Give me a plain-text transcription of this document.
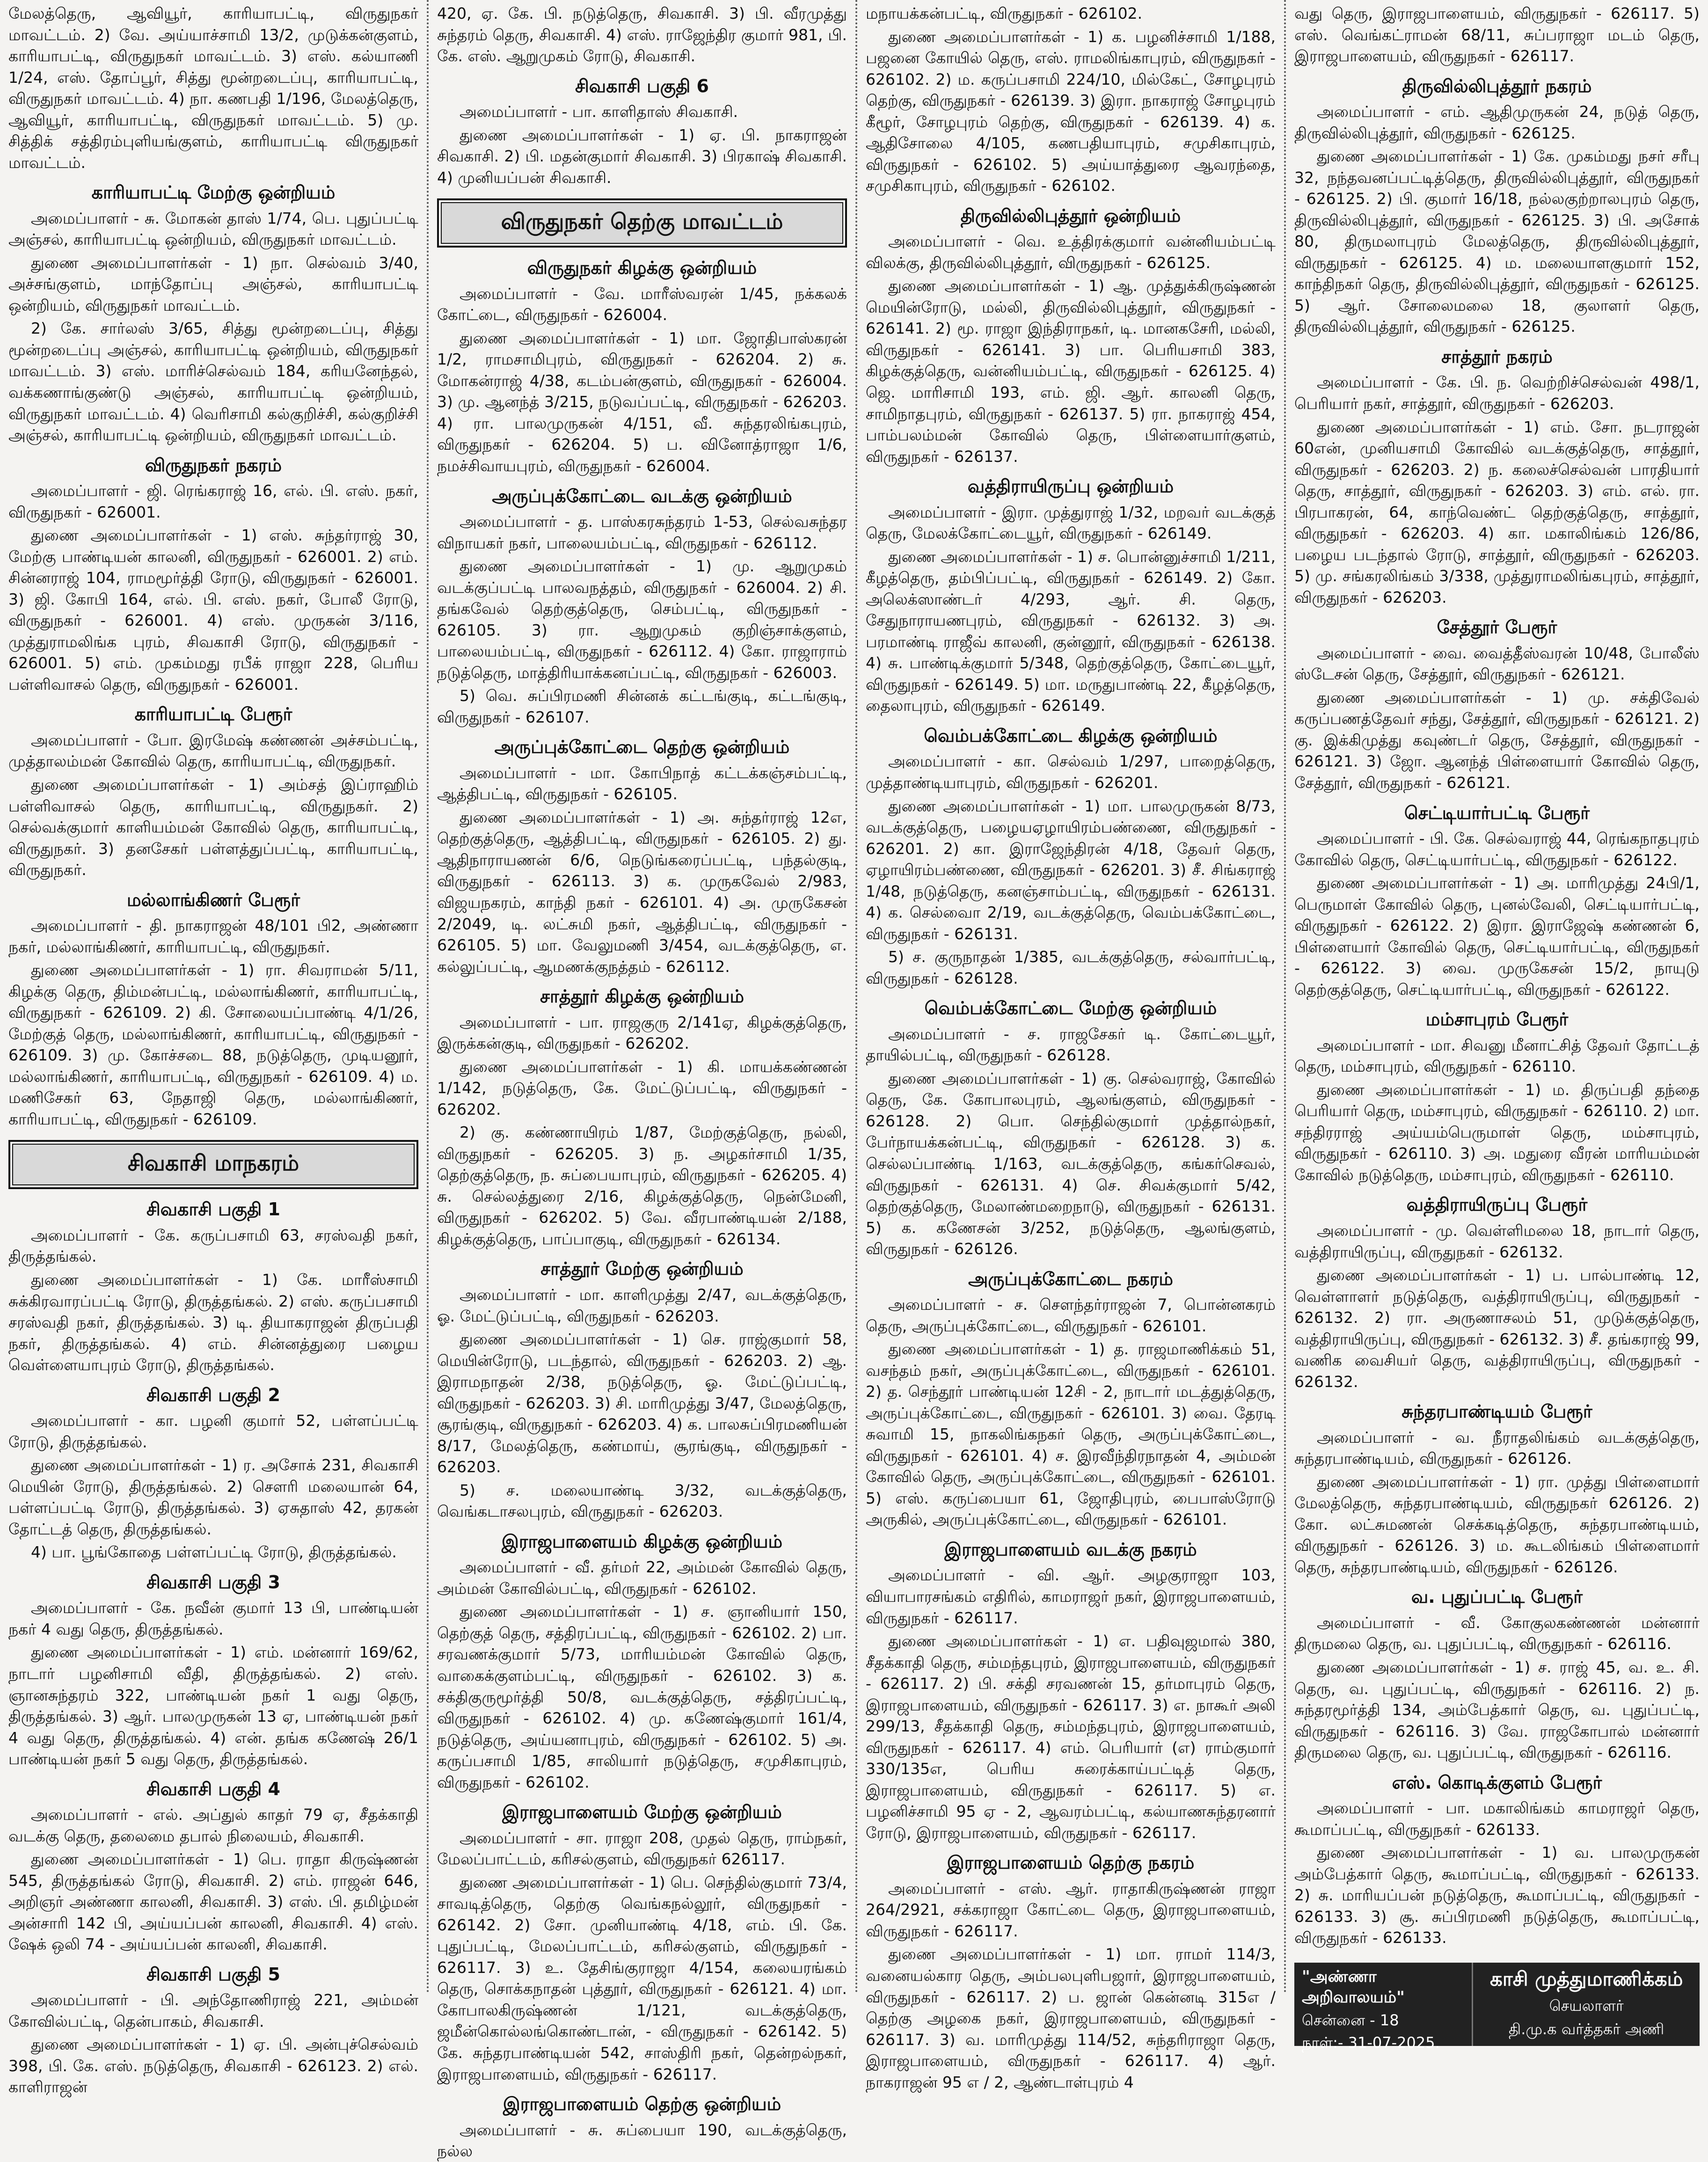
மேலத்தெரு, ஆவியூர், காரியாபட்டி, விருதுநகர் மாவட்டம். 2) வே. அய்யாச்சாமி 13/2, முடுக்கன்குளம், காரியாபட்டி, விருதுநகர் மாவட்டம். 3) எஸ். கல்யாணி 1/24, எஸ். தோப்பூர், சித்து மூன்றடைப்பு, காரியாபட்டி, விருதுநகர் மாவட்டம். 4) நா. கணபதி 1/196, மேலத்தெரு, ஆவியூர், காரியாபட்டி, விருதுநகர் மாவட்டம். 5) மு. சித்திக் சத்திரம்புளியங்குளம், காரியாபட்டி விருதுநகர் மாவட்டம்.
காரியாபட்டி மேற்கு ஒன்றியம்
அமைப்பாளர் - சு. மோகன் தாஸ் 1/74, பெ. புதுப்பட்டி அஞ்சல், காரியாபட்டி ஒன்றியம், விருதுநகர் மாவட்டம்.
துணை அமைப்பாளர்கள் - 1) நா. செல்வம் 3/40, அச்சங்குளம், மாந்தோப்பு அஞ்சல், காரியாபட்டி ஒன்றியம், விருதுநகர் மாவட்டம்.
2) கே. சார்லஸ் 3/65, சித்து மூன்றடைப்பு, சித்து மூன்றடைப்பு அஞ்சல், காரியாபட்டி ஒன்றியம், விருதுநகர் மாவட்டம். 3) எஸ். மாரிச்செல்வம் 184, கரியனேந்தல், வக்கணாங்குண்டு அஞ்சல், காரியாபட்டி ஒன்றியம், விருதுநகர் மாவட்டம். 4) வெரிசாமி கல்குறிச்சி, கல்குறிச்சி அஞ்சல், காரியாபட்டி ஒன்றியம், விருதுநகர் மாவட்டம்.
விருதுநகர் நகரம்
அமைப்பாளர் - ஜி. ரெங்கராஜ் 16, எல். பி. எஸ். நகர், விருதுநகர் - 626001.
துணை அமைப்பாளர்கள் - 1) எஸ். சுந்தர்ராஜ் 30, மேற்கு பாண்டியன் காலனி, விருதுநகர் - 626001. 2) எம். சின்னராஜ் 104, ராமமூர்த்தி ரோடு, விருதுநகர் - 626001. 3) ஜி. கோபி 164, எல். பி. எஸ். நகர், போலீ ரோடு, விருதுநகர் - 626001. 4) எஸ். முருகன் 3/116, முத்துராமலிங்க புரம், சிவகாசி ரோடு, விருதுநகர் - 626001. 5) எம். முகம்மது ரபீக் ராஜா 228, பெரிய பள்ளிவாசல் தெரு, விருதுநகர் - 626001.
காரியாபட்டி பேரூர்
அமைப்பாளர் - போ. இரமேஷ் கண்ணன் அச்சம்பட்டி, முத்தாலம்மன் கோவில் தெரு, காரியாபட்டி, விருதுநகர்.
துணை அமைப்பாளர்கள் - 1) அம்சத் இப்ராஹிம் பள்ளிவாசல் தெரு, காரியாபட்டி, விருதுநகர். 2) செல்வக்குமார் காளியம்மன் கோவில் தெரு, காரியாபட்டி, விருதுநகர். 3) தனசேகர் பள்ளத்துப்பட்டி, காரியாபட்டி, விருதுநகர்.
மல்லாங்கிணர் பேரூர்
அமைப்பாளர் - தி. நாகராஜன் 48/101 பி2, அண்ணா நகர், மல்லாங்கிணர், காரியாபட்டி, விருதுநகர்.
துணை அமைப்பாளர்கள் - 1) ரா. சிவராமன் 5/11, கிழக்கு தெரு, திம்மன்பட்டி, மல்லாங்கிணர், காரியாபட்டி, விருதுநகர் - 626109. 2) கி. சோலையப்பாண்டி 4/1/26, மேற்குத் தெரு, மல்லாங்கிணர், காரியாபட்டி, விருதுநகர் - 626109. 3) மு. கோச்சடை 88, நடுத்தெரு, முடியனூர், மல்லாங்கிணர், காரியாபட்டி, விருதுநகர் - 626109. 4) ம. மணிசேகர் 63, நேதாஜி தெரு, மல்லாங்கிணர், காரியாபட்டி, விருதுநகர் - 626109.
சிவகாசி மாநகரம்
சிவகாசி பகுதி 1
அமைப்பாளர் - கே. கருப்பசாமி 63, சரஸ்வதி நகர், திருத்தங்கல்.
துணை அமைப்பாளர்கள் - 1) கே. மாரீஸ்சாமி சுக்கிரவாரப்பட்டி ரோடு, திருத்தங்கல். 2) எஸ். கருப்பசாமி சரஸ்வதி நகர், திருத்தங்கல். 3) டி. தியாகராஜன் திருப்பதி நகர், திருத்தங்கல். 4) எம். சின்னத்துரை பழைய வெள்ளையாபுரம் ரோடு, திருத்தங்கல்.
சிவகாசி பகுதி 2
அமைப்பாளர் - கா. பழனி குமார் 52, பள்ளப்பட்டி ரோடு, திருத்தங்கல்.
துணை அமைப்பாளர்கள் - 1) ர. அசோக் 231, சிவகாசி மெயின் ரோடு, திருத்தங்கல். 2) சௌரி மலையான் 64, பள்ளப்பட்டி ரோடு, திருத்தங்கல். 3) ஏசுதாஸ் 42, தரகன் தோட்டத் தெரு, திருத்தங்கல்.
4) பா. பூங்கோதை பள்ளப்பட்டி ரோடு, திருத்தங்கல்.
சிவகாசி பகுதி 3
அமைப்பாளர் - கே. நவீன் குமார் 13 பி, பாண்டியன் நகர் 4 வது தெரு, திருத்தங்கல்.
துணை அமைப்பாளர்கள் - 1) எம். மன்னார் 169/62, நாடார் பழனிசாமி வீதி, திருத்தங்கல். 2) எஸ். ஞானசுந்தரம் 322, பாண்டியன் நகர் 1 வது தெரு, திருத்தங்கல். 3) ஆர். பாலமுருகன் 13 ஏ, பாண்டியன் நகர் 4 வது தெரு, திருத்தங்கல். 4) என். தங்க கணேஷ் 26/1 பாண்டியன் நகர் 5 வது தெரு, திருத்தங்கல்.
சிவகாசி பகுதி 4
அமைப்பாளர் - எல். அப்துல் காதர் 79 ஏ, சீதக்காதி வடக்கு தெரு, தலைமை தபால் நிலையம், சிவகாசி.
துணை அமைப்பாளர்கள் - 1) பெ. ராதா கிருஷ்ணன் 545, திருத்தங்கல் ரோடு, சிவகாசி. 2) எம். ராஜன் 646, அறிஞர் அண்ணா காலனி, சிவகாசி. 3) எஸ். பி. தமிழ்மன் அன்சாரி 142 பி, அய்யப்பன் காலனி, சிவகாசி. 4) எஸ். ஷேக் ஒலி 74 - அய்யப்பன் காலனி, சிவகாசி.
சிவகாசி பகுதி 5
அமைப்பாளர் - பி. அந்தோணிராஜ் 221, அம்மன் கோவில்பட்டி, தென்பாகம், சிவகாசி.
துணை அமைப்பாளர்கள் - 1) ஏ. பி. அன்புச்செல்வம் 398, பி. கே. எஸ். நடுத்தெரு, சிவகாசி - 626123. 2) எல். காளிராஜன்
420, ஏ. கே. பி. நடுத்தெரு, சிவகாசி. 3) பி. வீரமுத்து சுந்தரம் தெரு, சிவகாசி. 4) எஸ். ராஜேந்திர குமார் 981, பி. கே. எஸ். ஆறுமுகம் ரோடு, சிவகாசி.
சிவகாசி பகுதி 6
அமைப்பாளர் - பா. காளிதாஸ் சிவகாசி.
துணை அமைப்பாளர்கள் - 1) ஏ. பி. நாகராஜன் சிவகாசி. 2) பி. மதன்குமார் சிவகாசி. 3) பிரகாஷ் சிவகாசி. 4) முனியப்பன் சிவகாசி.
விருதுநகர் தெற்கு மாவட்டம்
விருதுநகர் கிழக்கு ஒன்றியம்
அமைப்பாளர் - வே. மாரீஸ்வரன் 1/45, நக்கலக் கோட்டை, விருதுநகர் - 626004.
துணை அமைப்பாளர்கள் - 1) மா. ஜோதிபாஸ்கரன் 1/2, ராமசாமிபுரம், விருதுநகர் - 626204. 2) சு. மோகன்ராஜ் 4/38, கடம்பன்குளம், விருதுநகர் - 626004. 3) மு. ஆனந்த் 3/215, நடுவப்பட்டி, விருதுநகர் - 626203. 4) ரா. பாலமுருகன் 4/151, வீ. சுந்தரலிங்கபுரம், விருதுநகர் - 626204. 5) ப. வினோத்ராஜா 1/6, நமச்சிவாயபுரம், விருதுநகர் - 626004.
அருப்புக்கோட்டை வடக்கு ஒன்றியம்
அமைப்பாளர் - த. பாஸ்கரசுந்தரம் 1-53, செல்வசுந்தர விநாயகர் நகர், பாலையம்பட்டி, விருதுநகர் - 626112.
துணை அமைப்பாளர்கள் - 1) மு. ஆறுமுகம் வடக்குப்பட்டி பாலவநத்தம், விருதுநகர் - 626004. 2) சி. தங்கவேல் தெற்குத்தெரு, செம்பட்டி, விருதுநகர் - 626105. 3) ரா. ஆறுமுகம் குறிஞ்சாக்குளம், பாலையம்பட்டி, விருதுநகர் - 626112. 4) கோ. ராஜாராம் நடுத்தெரு, மாத்திரியாக்கனப்பட்டி, விருதுநகர் - 626003.
5) வெ. சுப்பிரமணி சின்னக் கட்டங்குடி, கட்டங்குடி, விருதுநகர் - 626107.
அருப்புக்கோட்டை தெற்கு ஒன்றியம்
அமைப்பாளர் - மா. கோபிநாத் கட்டக்கஞ்சம்பட்டி, ஆத்திபட்டி, விருதுநகர் - 626105.
துணை அமைப்பாளர்கள் - 1) அ. சுந்தர்ராஜ் 12எ, தெற்குத்தெரு, ஆத்திபட்டி, விருதுநகர் - 626105. 2) து. ஆதிநாராயணன் 6/6, நெடுங்கரைப்பட்டி, பந்தல்குடி, விருதுநகர் - 626113. 3) க. முருகவேல் 2/983, விஜயநகரம், காந்தி நகர் - 626101. 4) அ. முருகேசன் 2/2049, டி. லட்சுமி நகர், ஆத்திபட்டி, விருதுநகர் - 626105. 5) மா. வேலுமணி 3/454, வடக்குத்தெரு, எ. கல்லுப்பட்டி, ஆமணக்குநத்தம் - 626112.
சாத்தூர் கிழக்கு ஒன்றியம்
அமைப்பாளர் - பா. ராஜகுரு 2/141ஏ, கிழக்குத்தெரு, இருக்கன்குடி, விருதுநகர் - 626202.
துணை அமைப்பாளர்கள் - 1) கி. மாயக்கண்ணன் 1/142, நடுத்தெரு, கே. மேட்டுப்பட்டி, விருதுநகர் - 626202.
2) கு. கண்ணாயிரம் 1/87, மேற்குத்தெரு, நல்லி, விருதுநகர் - 626205. 3) ந. அழகர்சாமி 1/35, தெற்குத்தெரு, ந. சுப்பையாபுரம், விருதுநகர் - 626205. 4) சு. செல்லத்துரை 2/16, கிழக்குத்தெரு, நென்மேனி, விருதுநகர் - 626202. 5) வே. வீரபாண்டியன் 2/188, கிழக்குத்தெரு, பாப்பாகுடி, விருதுநகர் - 626134.
சாத்தூர் மேற்கு ஒன்றியம்
அமைப்பாளர் - மா. காளிமுத்து 2/47, வடக்குத்தெரு, ஓ. மேட்டுப்பட்டி, விருதுநகர் - 626203.
துணை அமைப்பாளர்கள் - 1) செ. ராஜ்குமார் 58, மெயின்ரோடு, படந்தால், விருதுநகர் - 626203. 2) ஆ. இராமநாதன் 2/38, நடுத்தெரு, ஓ. மேட்டுப்பட்டி, விருதுநகர் - 626203. 3) சி. மாரிமுத்து 3/47, மேலத்தெரு, சூரங்குடி, விருதுநகர் - 626203. 4) க. பாலசுப்பிரமணியன் 8/17, மேலத்தெரு, கண்மாய், சூரங்குடி, விருதுநகர் - 626203.
5) ச. மலையாண்டி 3/32, வடக்குத்தெரு, வெங்கடாசலபுரம், விருதுநகர் - 626203.
இராஜபாளையம் கிழக்கு ஒன்றியம்
அமைப்பாளர் - வீ. தர்மர் 22, அம்மன் கோவில் தெரு, அம்மன் கோவில்பட்டி, விருதுநகர் - 626102.
துணை அமைப்பாளர்கள் - 1) ச. ஞானியார் 150, தெற்குத் தெரு, சத்திரப்பட்டி, விருதுநகர் - 626102. 2) பா. சரவணக்குமார் 5/73, மாரியம்மன் கோவில் தெரு, வாகைக்குளம்பட்டி, விருதுநகர் - 626102. 3) க. சக்திகுருமூர்த்தி 50/8, வடக்குத்தெரு, சத்திரப்பட்டி, விருதுநகர் - 626102. 4) மு. கணேஷ்குமார் 161/4, நடுத்தெரு, அய்யனாபுரம், விருதுநகர் - 626102. 5) அ. கருப்பசாமி 1/85, சாலியார் நடுத்தெரு, சமுசிகாபுரம், விருதுநகர் - 626102.
இராஜபாளையம் மேற்கு ஒன்றியம்
அமைப்பாளர் - சா. ராஜா 208, முதல் தெரு, ராம்நகர், மேலப்பாட்டம், கரிசல்குளம், விருதுநகர் 626117.
துணை அமைப்பாளர்கள் - 1) பெ. செந்தில்குமார் 73/4, சாவடித்தெரு, தெற்கு வெங்கநல்லூர், விருதுநகர் - 626142. 2) சோ. முனியாண்டி 4/18, எம். பி. கே. புதுப்பட்டி, மேலப்பாட்டம், கரிசல்குளம், விருதுநகர் - 626117. 3) உ. தேசிங்குராஜா 4/154, கலையரங்கம் தெரு, சொக்கநாதன் புத்தூர், விருதுநகர் - 626121. 4) மா. கோபாலகிருஷ்ணன் 1/121, வடக்குத்தெரு, ஜமீன்கொல்லங்கொண்டான், - விருதுநகர் - 626142. 5) கே. சுந்தரபாண்டியன் 542, சாஸ்திரி நகர், தென்றல்நகர், இராஜபாளையம், விருதுநகர் - 626117.
இராஜபாளையம் தெற்கு ஒன்றியம்
அமைப்பாளர் - சு. சுப்பையா 190, வடக்குத்தெரு, நல்ல
மநாயக்கன்பட்டி, விருதுநகர் - 626102.
துணை அமைப்பாளர்கள் - 1) க. பழனிச்சாமி 1/188, பஜனை கோயில் தெரு, எஸ். ராமலிங்காபுரம், விருதுநகர் - 626102. 2) ம. கருப்பசாமி 224/10, மில்கேட், சோழபுரம் தெற்கு, விருதுநகர் - 626139. 3) இரா. நாகராஜ் சோழபுரம் கீழூர், சோழபுரம் தெற்கு, விருதுநகர் - 626139. 4) க. ஆதிசோலை 4/105, கணபதியாபுரம், சமுசிகாபுரம், விருதுநகர் - 626102. 5) அய்யாத்துரை ஆவரந்தை, சமுசிகாபுரம், விருதுநகர் - 626102.
திருவில்லிபுத்தூர் ஒன்றியம்
அமைப்பாளர் - வெ. உத்திரக்குமார் வன்னியம்பட்டி விலக்கு, திருவில்லிபுத்தூர், விருதுநகர் - 626125.
துணை அமைப்பாளர்கள் - 1) ஆ. முத்துக்கிருஷ்ணன் மெயின்ரோடு, மல்லி, திருவில்லிபுத்தூர், விருதுநகர் - 626141. 2) மூ. ராஜா இந்திராநகர், டி. மானகசேரி, மல்லி, விருதுநகர் - 626141. 3) பா. பெரியசாமி 383, கிழக்குத்தெரு, வன்னியம்பட்டி, விருதுநகர் - 626125. 4) ஜெ. மாரிசாமி 193, எம். ஜி. ஆர். காலனி தெரு, சாமிநாதபுரம், விருதுநகர் - 626137. 5) ரா. நாகராஜ் 454, பாம்பலம்மன் கோவில் தெரு, பிள்ளையார்குளம், விருதுநகர் - 626137.
வத்திராயிருப்பு ஒன்றியம்
அமைப்பாளர் - இரா. முத்துராஜ் 1/32, மறவர் வடக்குத் தெரு, மேலக்கோட்டையூர், விருதுநகர் - 626149.
துணை அமைப்பாளர்கள் - 1) ச. பொன்னுச்சாமி 1/211, கீழத்தெரு, தம்பிப்பட்டி, விருதுநகர் - 626149. 2) கோ. அலெக்ஸாண்டர் 4/293, ஆர். சி. தெரு, சேதுநாராயணபுரம், விருதுநகர் - 626132. 3) அ. பரமாண்டி ராஜீவ் காலனி, குன்னூர், விருதுநகர் - 626138. 4) சு. பாண்டிக்குமார் 5/348, தெற்குத்தெரு, கோட்டையூர், விருதுநகர் - 626149. 5) மா. மருதுபாண்டி 22, கீழத்தெரு, தைலாபுரம், விருதுநகர் - 626149.
வெம்பக்கோட்டை கிழக்கு ஒன்றியம்
அமைப்பாளர் - கா. செல்வம் 1/297, பாறைத்தெரு, முத்தாண்டியாபுரம், விருதுநகர் - 626201.
துணை அமைப்பாளர்கள் - 1) மா. பாலமுருகன் 8/73, வடக்குத்தெரு, பழையஏழாயிரம்பண்ணை, விருதுநகர் - 626201. 2) கா. இராஜேந்திரன் 4/18, தேவர் தெரு, ஏழாயிரம்பண்ணை, விருதுநகர் - 626201. 3) சீ. சிங்கராஜ் 1/48, நடுத்தெரு, கனஞ்சாம்பட்டி, விருதுநகர் - 626131. 4) க. செல்வைா 2/19, வடக்குத்தெரு, வெம்பக்கோட்டை, விருதுநகர் - 626131.
5) ச. குருநாதன் 1/385, வடக்குத்தெரு, சல்வார்பட்டி, விருதுநகர் - 626128.
வெம்பக்கோட்டை மேற்கு ஒன்றியம்
அமைப்பாளர் - ச. ராஜசேகர் டி. கோட்டையூர், தாயில்பட்டி, விருதுநகர் - 626128.
துணை அமைப்பாளர்கள் - 1) கு. செல்வராஜ், கோவில் தெரு, கே. கோபாலபுரம், ஆலங்குளம், விருதுநகர் - 626128. 2) பொ. செந்தில்குமார் முத்தால்நகர், பேர்நாயக்கன்பட்டி, விருதுநகர் - 626128. 3) க. செல்லப்பாண்டி 1/163, வடக்குத்தெரு, கங்கர்செவல், விருதுநகர் - 626131. 4) செ. சிவக்குமார் 5/42, தெற்குத்தெரு, மேலாண்மறைநாடு, விருதுநகர் - 626131. 5) க. கணேசன் 3/252, நடுத்தெரு, ஆலங்குளம், விருதுநகர் - 626126.
அருப்புக்கோட்டை நகரம்
அமைப்பாளர் - ச. செளந்தர்ராஜன் 7, பொன்னகரம் தெரு, அருப்புக்கோட்டை, விருதுநகர் - 626101.
துணை அமைப்பாளர்கள் - 1) த. ராஜமாணிக்கம் 51, வசந்தம் நகர், அருப்புக்கோட்டை, விருதுநகர் - 626101. 2) த. செந்தூர் பாண்டியன் 12சி - 2, நாடார் மடத்துத்தெரு, அருப்புக்கோட்டை, விருதுநகர் - 626101. 3) வை. தேரடி சுவாமி 15, நாகலிங்கநகர் தெரு, அருப்புக்கோட்டை, விருதுநகர் - 626101. 4) ச. இரவீந்திரநாதன் 4, அம்மன் கோவில் தெரு, அருப்புக்கோட்டை, விருதுநகர் - 626101. 5) எஸ். கருப்பையா 61, ஜோதிபுரம், பைபாஸ்ரோடு அருகில், அருப்புக்கோட்டை, விருதுநகர் - 626101.
இராஜபாளையம் வடக்கு நகரம்
அமைப்பாளர் - வி. ஆர். அழகுராஜா 103, வியாபாரசங்கம் எதிரில், காமராஜர் நகர், இராஜபாளையம், விருதுநகர் - 626117.
துணை அமைப்பாளர்கள் - 1) எ. பதிவுஜமால் 380, சீதக்காதி தெரு, சம்மந்தபுரம், இராஜபாளையம், விருதுநகர் - 626117. 2) பி. சக்தி சரவணன் 15, தர்மாபுரம் தெரு, இராஜபாளையம், விருதுநகர் - 626117. 3) எ. நாகூர் அலி 299/13, சீதக்காதி தெரு, சம்மந்தபுரம், இராஜபாளையம், விருதுநகர் - 626117. 4) எம். பெரியார் (எ) ராம்குமார் 330/135எ, பெரிய சுரைக்காய்பட்டித் தெரு, இராஜபாளையம், விருதுநகர் - 626117. 5) எ. பழனிச்சாமி 95 ஏ - 2, ஆவரம்பட்டி, கல்யாணசுந்தரனார் ரோடு, இராஜபாளையம், விருதுநகர் - 626117.
இராஜபாளையம் தெற்கு நகரம்
அமைப்பாளர் - எஸ். ஆர். ராதாகிருஷ்ணன் ராஜா 264/2921, சக்கராஜா கோட்டை தெரு, இராஜபாளையம், விருதுநகர் - 626117.
துணை அமைப்பாளர்கள் - 1) மா. ராமர் 114/3, வனையல்கார தெரு, அம்பலபுளிபஜார், இராஜபாளையம், விருதுநகர் - 626117. 2) ப. ஜான் கென்னடி 315எ / தெற்கு அழகை நகர், இராஜபாளையம், விருதுநகர் - 626117. 3) வ. மாரிமுத்து 114/52, சுந்தரிராஜா தெரு, இராஜபாளையம், விருதுநகர் - 626117. 4) ஆர். நாகராஜன் 95 எ / 2, ஆண்டாள்புரம் 4
வது தெரு, இராஜபாளையம், விருதுநகர் - 626117. 5) எஸ். வெங்கட்ராமன் 68/11, சுப்பராஜா மடம் தெரு, இராஜபாளையம், விருதுநகர் - 626117.
திருவில்லிபுத்தூர் நகரம்
அமைப்பாளர் - எம். ஆதிமுருகன் 24, நடுத் தெரு, திருவில்லிபுத்தூர், விருதுநகர் - 626125.
துணை அமைப்பாளர்கள் - 1) கே. முகம்மது நசர் சரீபு 32, நந்தவனப்பட்டித்தெரு, திருவில்லிபுத்தூர், விருதுநகர் - 626125. 2) பி. குமார் 16/18, நல்லகுற்றாலபுரம் தெரு, திருவில்லிபுத்தூர், விருதுநகர் - 626125. 3) பி. அசோக் 80, திருமலாபுரம் மேலத்தெரு, திருவில்லிபுத்தூர், விருதுநகர் - 626125. 4) ம. மலையாளகுமார் 152, காந்திநகர் தெரு, திருவில்லிபுத்தூர், விருதுநகர் - 626125. 5) ஆர். சோலைமலை 18, குலாளர் தெரு, திருவில்லிபுத்தூர், விருதுநகர் - 626125.
சாத்தூர் நகரம்
அமைப்பாளர் - கே. பி. ந. வெற்றிச்செல்வன் 498/1, பெரியார் நகர், சாத்தூர், விருதுநகர் - 626203.
துணை அமைப்பாளர்கள் - 1) எம். சோ. நடராஜன் 60என், முனியசாமி கோவில் வடக்குத்தெரு, சாத்தூர், விருதுநகர் - 626203. 2) ந. கலைச்செல்வன் பாரதியார் தெரு, சாத்தூர், விருதுநகர் - 626203. 3) எம். எல். ரா. பிரபாகரன், 64, காந்வெண்ட் தெற்குத்தெரு, சாத்தூர், விருதுநகர் - 626203. 4) கா. மகாலிங்கம் 126/86, பழைய படந்தால் ரோடு, சாத்தூர், விருதுநகர் - 626203. 5) மு. சங்கரலிங்கம் 3/338, முத்துராமலிங்கபுரம், சாத்தூர், விருதுநகர் - 626203.
சேத்தூர் பேரூர்
அமைப்பாளர் - வை. வைத்தீஸ்வரன் 10/48, போலீஸ் ஸ்டேசன் தெரு, சேத்தூர், விருதுநகர் - 626121.
துணை அமைப்பாளர்கள் - 1) மு. சக்திவேல் கருப்பணத்தேவர் சந்து, சேத்தூர், விருதுநகர் - 626121. 2) கு. இக்கிமுத்து கவுண்டர் தெரு, சேத்தூர், விருதுநகர் - 626121. 3) ஜோ. ஆனந்த் பிள்ளையார் கோவில் தெரு, சேத்தூர், விருதுநகர் - 626121.
செட்டியார்பட்டி பேரூர்
அமைப்பாளர் - பி. கே. செல்வராஜ் 44, ரெங்கநாதபுரம் கோவில் தெரு, செட்டியார்பட்டி, விருதுநகர் - 626122.
துணை அமைப்பாளர்கள் - 1) அ. மாரிமுத்து 24பி/1, பெருமாள் கோவில் தெரு, புனல்வேலி, செட்டியார்பட்டி, விருதுநகர் - 626122. 2) இரா. இராஜேஷ் கண்ணன் 6, பிள்ளையார் கோவில் தெரு, செட்டியார்பட்டி, விருதுநகர் - 626122. 3) வை. முருகேசன் 15/2, நாயுடு தெற்குத்தெரு, செட்டியார்பட்டி, விருதுநகர் - 626122.
மம்சாபுரம் பேரூர்
அமைப்பாளர் - மா. சிவனு மீனாட்சித் தேவர் தோட்டத் தெரு, மம்சாபுரம், விருதுநகர் - 626110.
துணை அமைப்பாளர்கள் - 1) ம. திருப்பதி தந்தை பெரியார் தெரு, மம்சாபுரம், விருதுநகர் - 626110. 2) மா. சந்திரராஜ் அய்யம்பெருமாள் தெரு, மம்சாபுரம், விருதுநகர் - 626110. 3) அ. மதுரை வீரன் மாரியம்மன் கோவில் நடுத்தெரு, மம்சாபுரம், விருதுநகர் - 626110.
வத்திராயிருப்பு பேரூர்
அமைப்பாளர் - மு. வெள்ளிமலை 18, நாடார் தெரு, வத்திராயிருப்பு, விருதுநகர் - 626132.
துணை அமைப்பாளர்கள் - 1) ப. பால்பாண்டி 12, வெள்ளாளர் நடுத்தெரு, வத்திராயிருப்பு, விருதுநகர் - 626132. 2) ரா. அருணாசலம் 51, முடுக்குத்தெரு, வத்திராயிருப்பு, விருதுநகர் - 626132. 3) சீ. தங்கராஜ் 99, வணிக வைசியர் தெரு, வத்திராயிருப்பு, விருதுநகர் - 626132.
சுந்தரபாண்டியம் பேரூர்
அமைப்பாளர் - வ. நீராதலிங்கம் வடக்குத்தெரு, சுந்தரபாண்டியம், விருதுநகர் - 626126.
துணை அமைப்பாளர்கள் - 1) ரா. முத்து பிள்ளைமார் மேலத்தெரு, சுந்தரபாண்டியம், விருதுநகர் 626126. 2) கோ. லட்சுமணன் செக்கடித்தெரு, சுந்தரபாண்டியம், விருதுநகர் - 626126. 3) ம. கூடலிங்கம் பிள்ளைமார் தெரு, சுந்தரபாண்டியம், விருதுநகர் - 626126.
வ. புதுப்பட்டி பேரூர்
அமைப்பாளர் - வீ. கோகுலகண்ணன் மன்னார் திருமலை தெரு, வ. புதுப்பட்டி, விருதுநகர் - 626116.
துணை அமைப்பாளர்கள் - 1) ச. ராஜ் 45, வ. உ. சி. தெரு, வ. புதுப்பட்டி, விருதுநகர் - 626116. 2) ந. சுந்தரமூர்த்தி 134, அம்பேத்கார் தெரு, வ. புதுப்பட்டி, விருதுநகர் - 626116. 3) வே. ராஜகோபால் மன்னார் திருமலை தெரு, வ. புதுப்பட்டி, விருதுநகர் - 626116.
எஸ். கொடிக்குளம் பேரூர்
அமைப்பாளர் - பா. மகாலிங்கம் காமராஜர் தெரு, கூமாப்பட்டி, விருதுநகர் - 626133.
துணை அமைப்பாளர்கள் - 1) வ. பாலமுருகன் அம்பேத்கார் தெரு, கூமாப்பட்டி, விருதுநகர் - 626133. 2) சு. மாரியப்பன் நடுத்தெரு, கூமாப்பட்டி, விருதுநகர் - 626133. 3) சூ. சுப்பிரமணி நடுத்தெரு, கூமாப்பட்டி, விருதுநகர் - 626133.
"அண்ணா அறிவாலயம்"
சென்னை - 18
நாள்:- 31-07-2025.
காசி முத்துமாணிக்கம்
செயலாளர்
தி.மு.க வர்த்தகர் அணி
